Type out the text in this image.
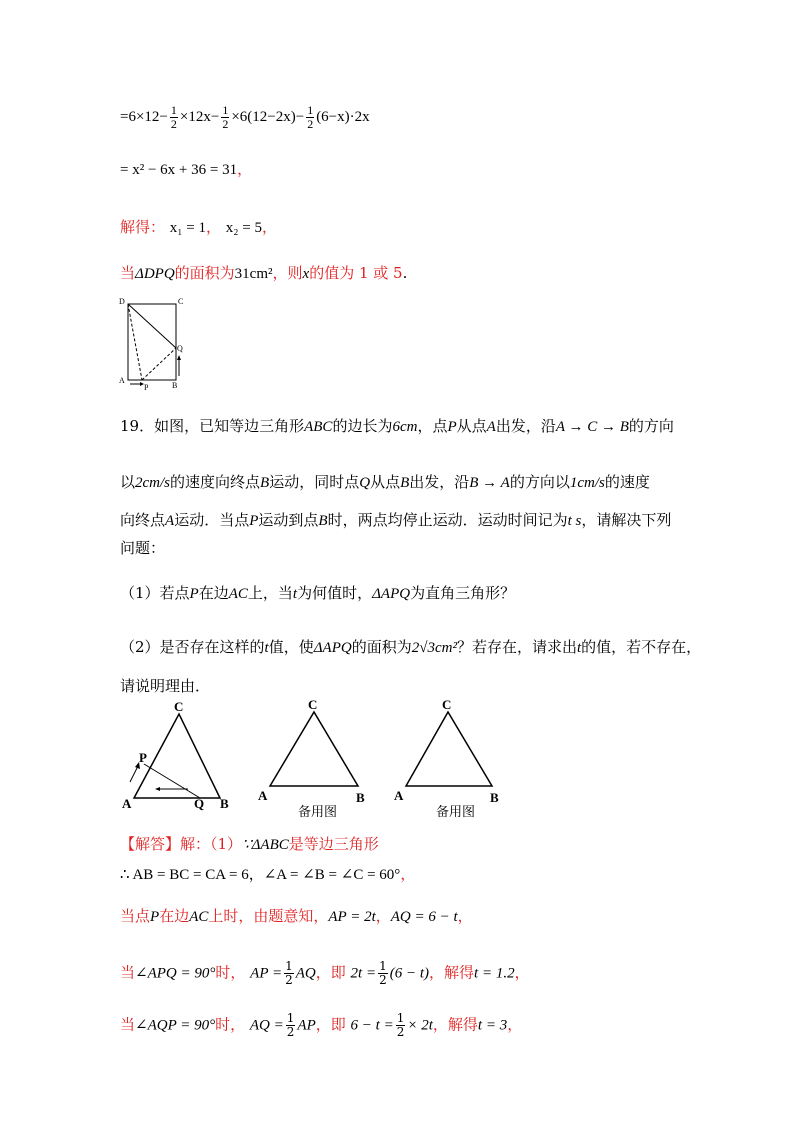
$=6\times 12- \frac{1}{2} \times 12x- \frac{1}{2} \times 6(12-2x)- \frac{1}{2} (6-x)\cdot 2x$
= x² − 6x + 36 = 31，
解得： x₁ = 1， x₂ = 5，
当ΔDPQ的面积为31cm²，则x的值为 1 或 5.
D	C
Q
A
P	B
19．如图，已知等边三角形ABC的边长为6cm，点P从点A出发，沿A → C → B的方向
以2cm/s的速度向终点B运动，同时点Q从点B出发，沿B → A的方向以1cm/s的速度
向终点A运动．当点P运动到点B时，两点均停止运动．运动时间记为t s，请解决下列
问题：
（1）若点P在边AC上，当t为何值时，ΔAPQ为直角三角形？
（2）是否存在这样的t值，使ΔAPQ的面积为2√3cm²？若存在，请求出t的值，若不存在，
请说明理由．
A	B
C
P
Q
A	B
C
备用图
A	B
C
备用图
【解答】解：（1）∵ΔABC是等边三角形
∴ AB = BC = CA = 6，∠A = ∠B = ∠C = 60°，
当点P在边AC上时，由题意知，AP = 2t，AQ = 6 − t，
当∠APQ = 90°时， AP = $\frac{1}{2}$ AQ，即 $2t = \frac{1}{2} (6 - t)$，解得t = 1.2，
当∠AQP = 90°时， AQ = $\frac{1}{2}$ AP，即 $6 - t = \frac{1}{2} \times 2t$，解得t = 3，
